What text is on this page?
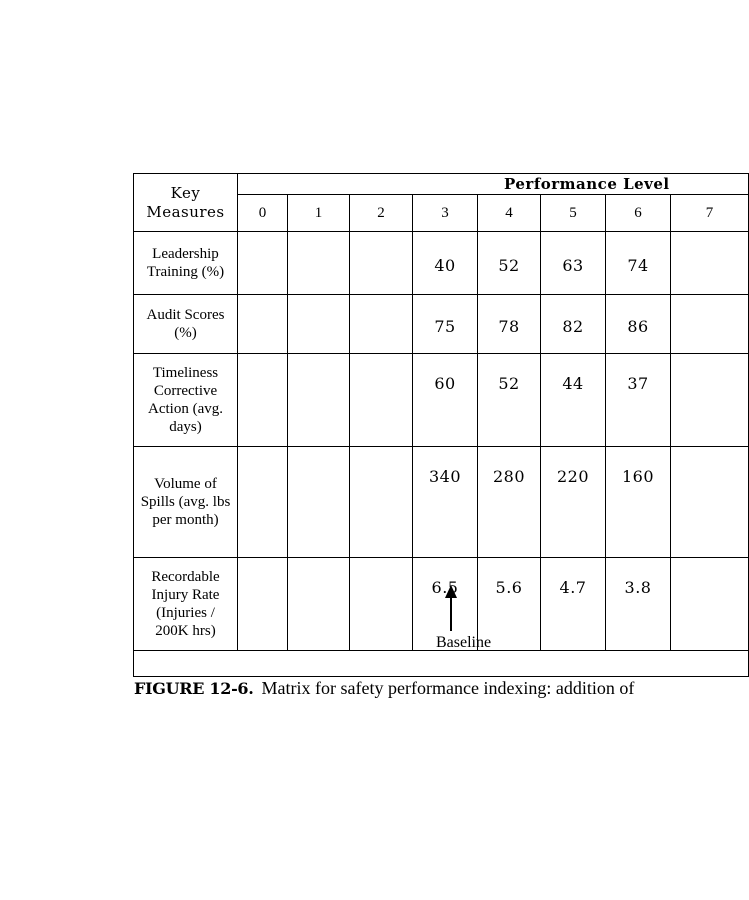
Key Measures	Performance Level							
	0	1	2	3	4	5	6	7
Leadership Training (%)				40	52	63	74	
Audit Scores (%)				75	78	82	86	
Timeliness Corrective Action (avg. days)				60	52	44	37	
Volume of Spills (avg. lbs per month)				340	280	220	160	
Recordable Injury Rate (Injuries / 200K hrs)				6.5	5.6	4.7	3.8	

Baseline
FIGURE 12-6. Matrix for safety performance indexing: addition of
